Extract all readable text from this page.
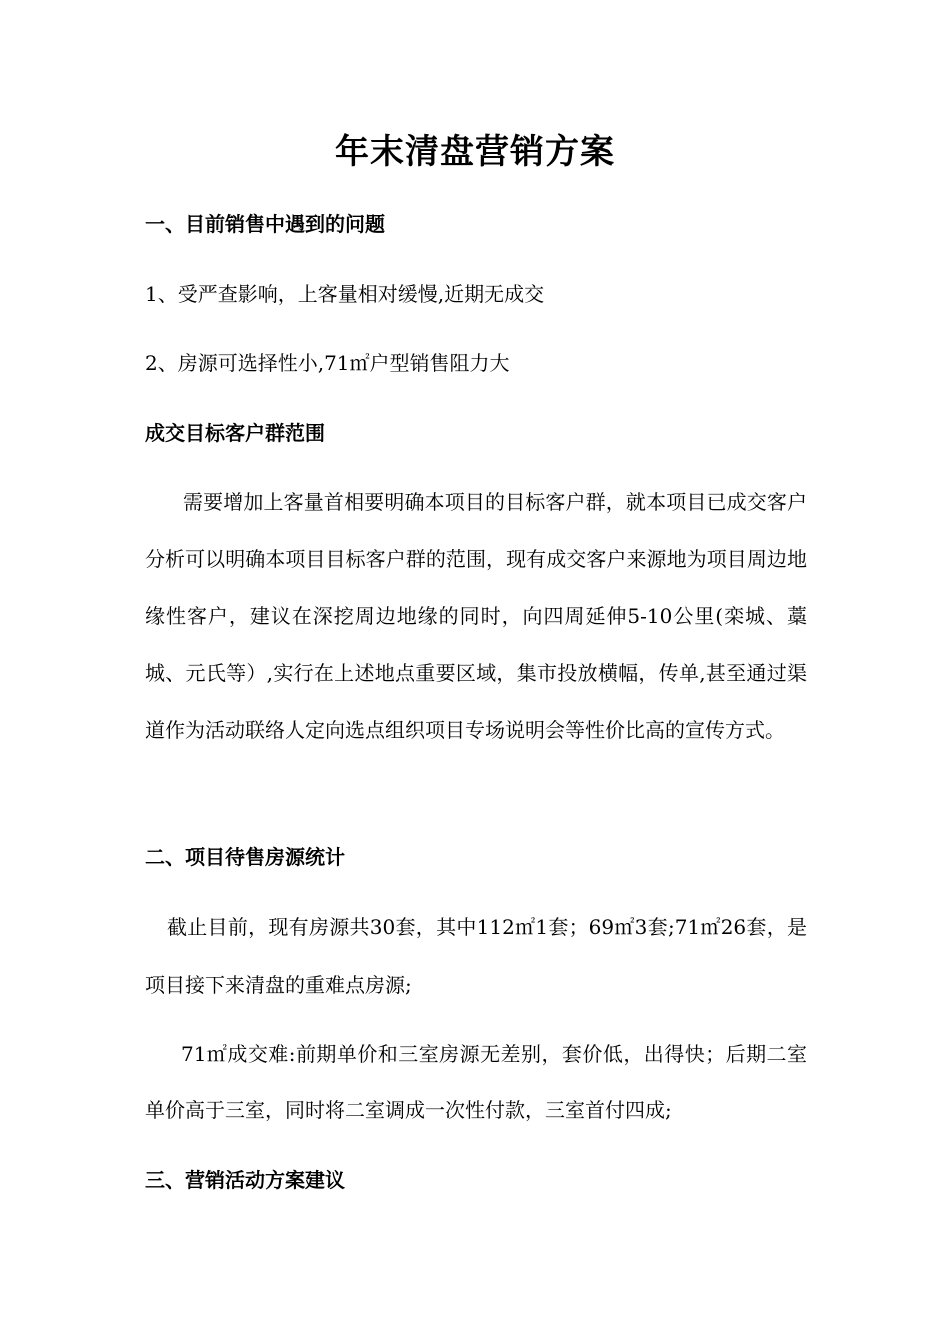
年末清盘营销方案
一、目前销售中遇到的问题
1、受严查影响，上客量相对缓慢,近期无成交
2、房源可选择性小,71㎡户型销售阻力大
成交目标客户群范围
需要增加上客量首相要明确本项目的目标客户群，就本项目已成交客户分析可以明确本项目目标客户群的范围，现有成交客户来源地为项目周边地缘性客户，建议在深挖周边地缘的同时，向四周延伸5-10公里(栾城、藁城、元氏等）,实行在上述地点重要区域，集市投放横幅，传单,甚至通过渠道作为活动联络人定向选点组织项目专场说明会等性价比高的宣传方式。
二、项目待售房源统计
截止目前，现有房源共30套，其中112㎡1套；69㎡3套;71㎡26套，是项目接下来清盘的重难点房源;
71㎡成交难:前期单价和三室房源无差别，套价低，出得快；后期二室单价高于三室，同时将二室调成一次性付款，三室首付四成;
三、营销活动方案建议
